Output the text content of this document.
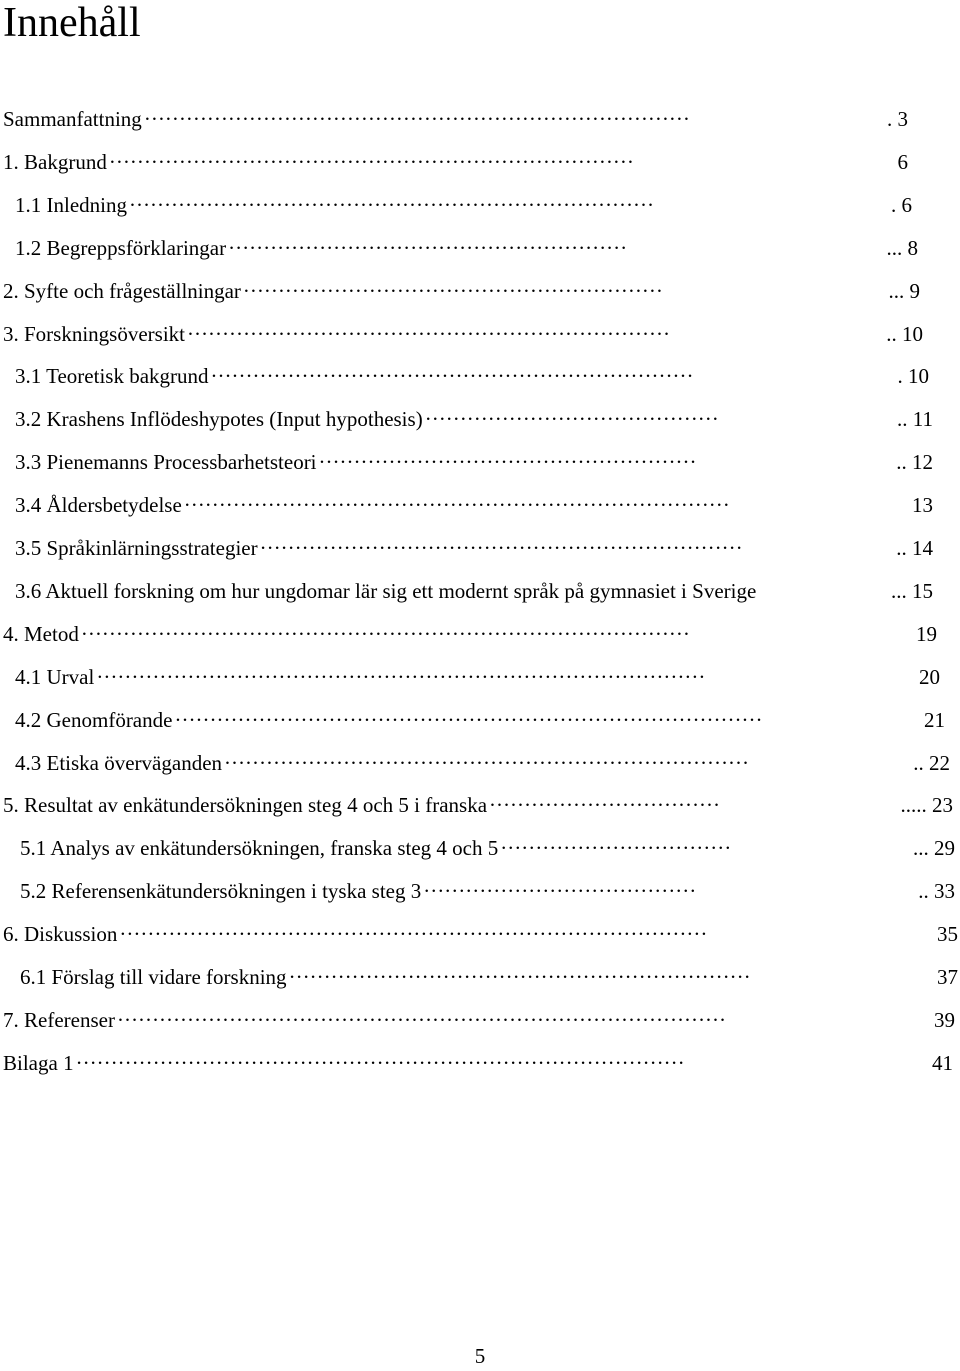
Innehåll
Sammanfattning	. 3
……………………………………………………………………
1. Bakgrund	6
…………………………………………………………………
1.1 Inledning	. 6
…………………………………………………………………
1.2 Begreppsförklaringar	... 8
…………………………………………………
2. Syfte och frågeställningar	... 9
……………………………………………………
3. Forskningsöversikt	.. 10
……………………………………………………………
3.1 Teoretisk bakgrund	. 10
……………………………………………………………
3.2 Krashens Inflödeshypotes (Input hypothesis)	.. 11
……………………………………
3.3 Pienemanns Processbarhetsteori	.. 12
………………………………………………
3.4 Åldersbetydelse	13
……………………………………………………………………
3.5 Språkinlärningsstrategier	.. 14
……………………………………………………………
3.6 Aktuell forskning om hur ungdomar lär sig ett modernt språk på gymnasiet i Sverige	... 15
4. Metod	19
……………………………………………………………………………
4.1 Urval	20
……………………………………………………………………………
4.2 Genomförande	21
…………………………………………………………………………
4.3 Etiska överväganden	.. 22
…………………………………………………………………
5. Resultat av enkätundersökningen steg 4 och 5 i franska	..... 23
……………………………
5.1 Analys av enkätundersökningen, franska steg 4 och 5	... 29
……………………………
5.2 Referensenkätundersökningen i tyska steg 3	.. 33
…………………………………
6. Diskussion	35
…………………………………………………………………………
6.1 Förslag till vidare forskning	37
…………………………………………………………
7. Referenser	39
……………………………………………………………………………
Bilaga 1	41
……………………………………………………………………………
5
